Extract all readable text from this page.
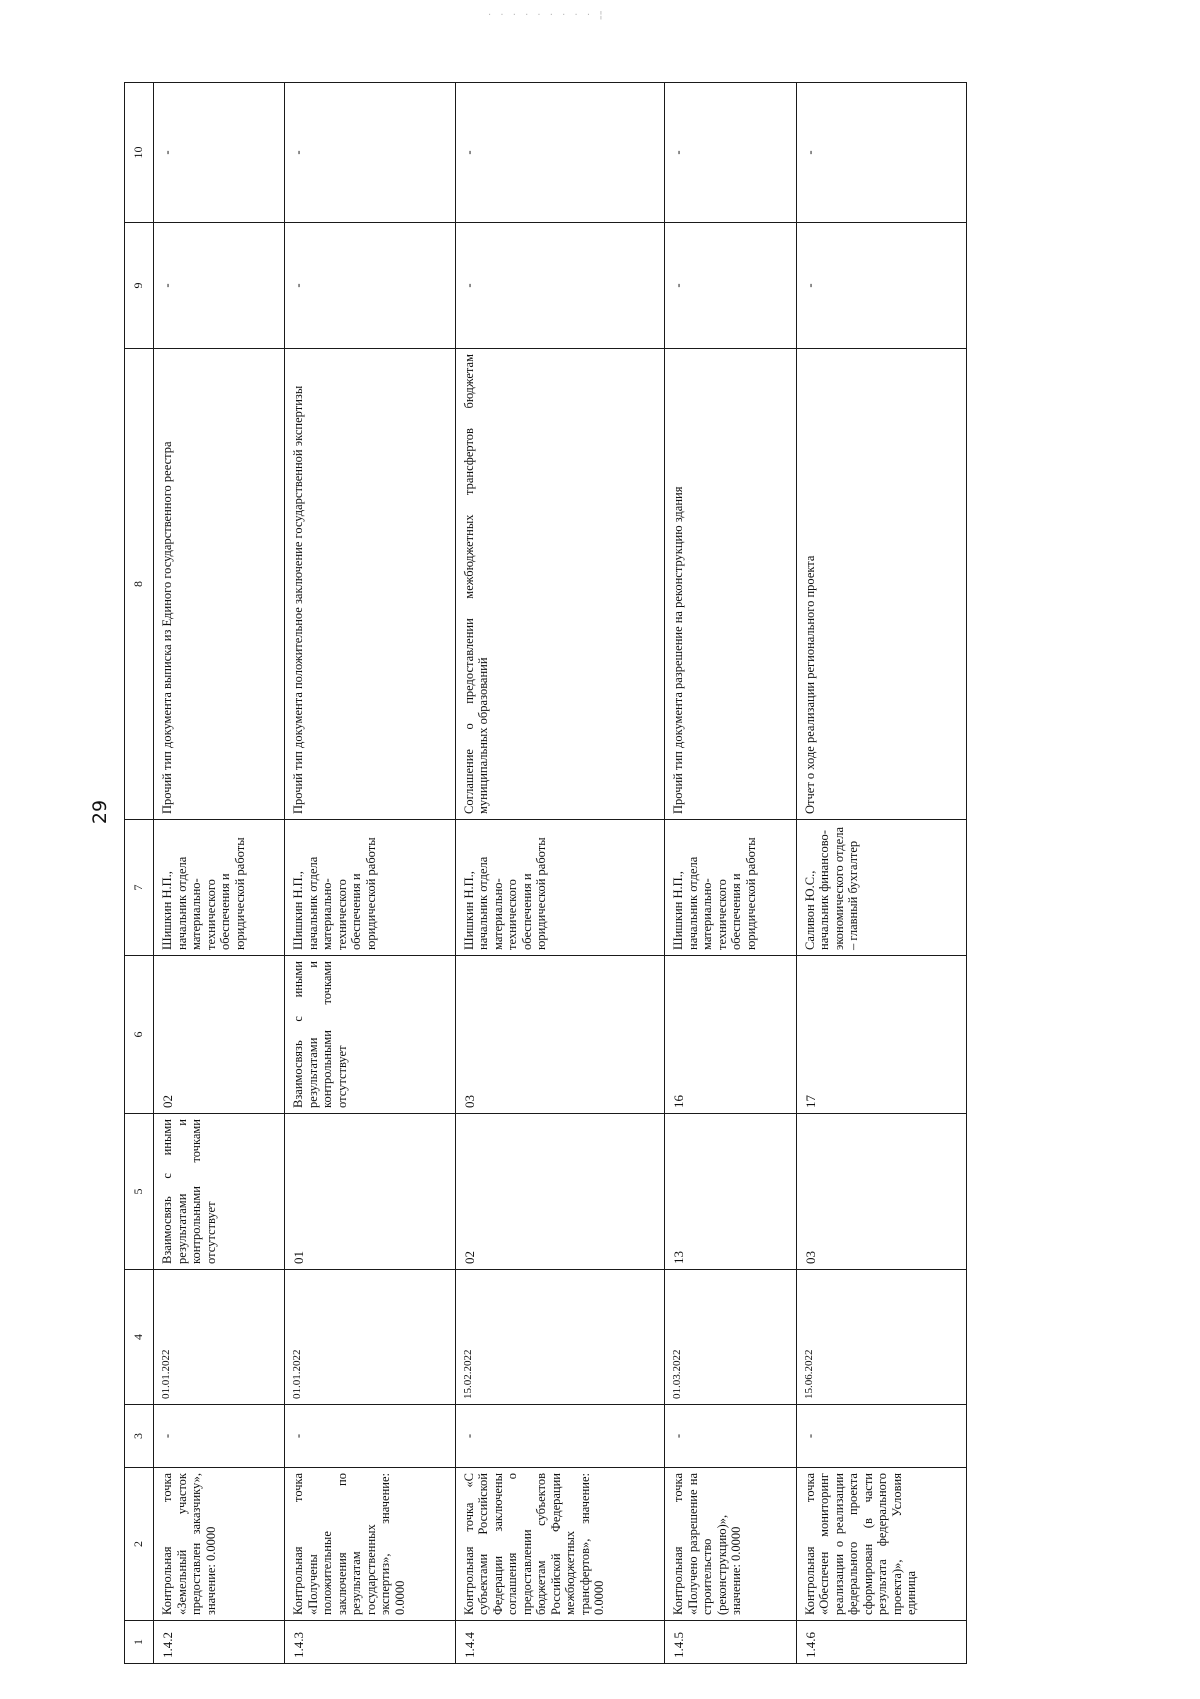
· · · · · · · · · ¦
29
1	2	3	4	5	6	7	8	9	10
1.4.2	Контрольная точка «Земельный участок предоставлен заказчику», значение: 0.0000	-	01.01.2022	Взаимосвязь с иными результатами и контрольными точками отсутствует	02	Шишкин Н.П., начальник отдела материально-технического обеспечения и юридической работы	Прочий тип документа выписка из Единого государственного реестра	-	-
1.4.3	Контрольная точка «Получены положительные заключения по результатам государственных экспертиз», значение: 0.0000	-	01.01.2022	01	Взаимосвязь с иными результатами и контрольными точками отсутствует	Шишкин Н.П., начальник отдела материально-технического обеспечения и юридической работы	Прочий тип документа положительное заключение государственной экспертизы	-	-
1.4.4	Контрольная точка «С субъектами Российской Федерации заключены соглашения о предоставлении бюджетам субъектов Российской Федерации межбюджетных трансфертов», значение: 0.0000	-	15.02.2022	02	03	Шишкин Н.П., начальник отдела материально-технического обеспечения и юридической работы	Соглашение о предоставлении межбюджетных трансфертов бюджетам муниципальных образований	-	-
1.4.5	Контрольная точка «Получено разрешение на строительство (реконструкцию)», значение: 0.0000	-	01.03.2022	13	16	Шишкин Н.П., начальник отдела материально-технического обеспечения и юридической работы	Прочий тип документа разрешение на реконструкцию здания	-	-
1.4.6	Контрольная точка «Обеспечен мониторинг реализации о реализации федерального проекта сформирован (в части результата федерального проекта)», Условия единица	-	15.06.2022	03	17	Саливон Ю.С., начальник финансово-экономического отдела – главный бухгалтер	Отчет о ходе реализации регионального проекта	-	-
